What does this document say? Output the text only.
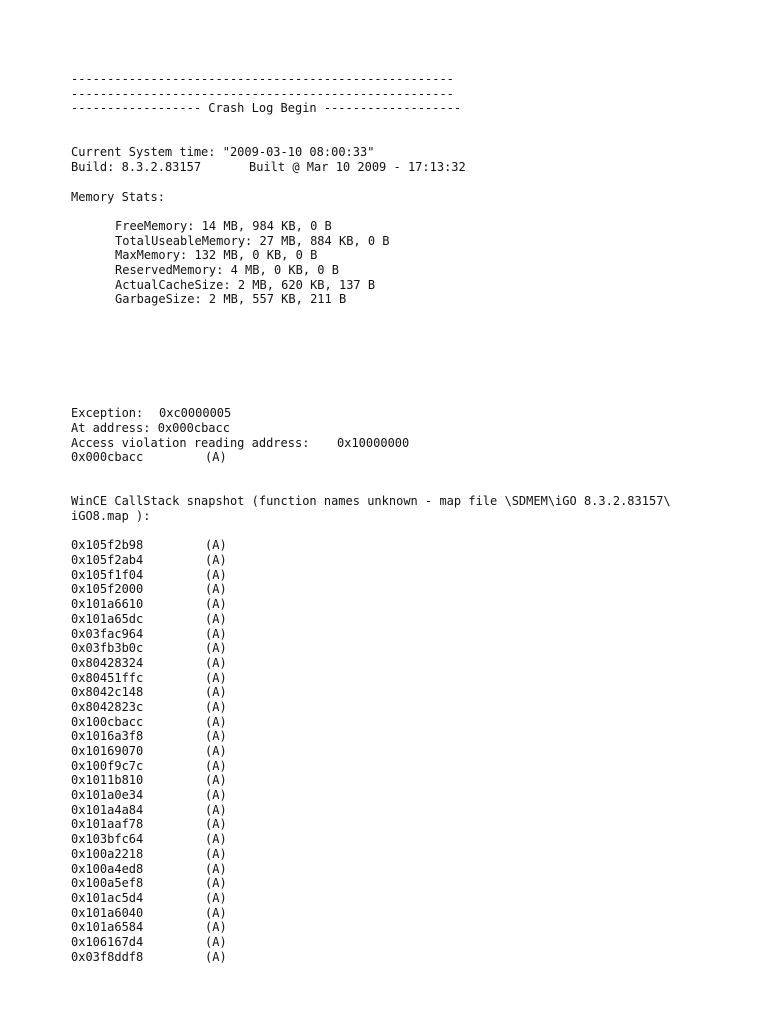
-----------------------------------------------------
-----------------------------------------------------
------------------ Crash Log Begin -------------------
Current System time:
"2009-03-10 08:00:33"
Build: 8.3.2.83157	Built @ Mar 10 2009 - 17:13:32
Memory Stats:
FreeMemory: 14 MB, 984 KB, 0 B
TotalUseableMemory: 27 MB, 884 KB, 0 B
MaxMemory: 132 MB, 0 KB, 0 B
ReservedMemory: 4 MB, 0 KB, 0 B
ActualCacheSize: 2 MB, 620 KB, 137 B
GarbageSize: 2 MB, 557 KB, 211 B
Exception:	0xc0000005
At address:
0x000cbacc
Access violation reading address:	0x10000000
0x000cbacc	(A)
WinCE CallStack snapshot (function names unknown - map file \SDMEM\iGO 8.3.2.83157\
iGO8.map ):
0x105f2b98	(A)
0x105f2ab4	(A)
0x105f1f04	(A)
0x105f2000	(A)
0x101a6610	(A)
0x101a65dc	(A)
0x03fac964	(A)
0x03fb3b0c	(A)
0x80428324	(A)
0x80451ffc	(A)
0x8042c148	(A)
0x8042823c	(A)
0x100cbacc	(A)
0x1016a3f8	(A)
0x10169070	(A)
0x100f9c7c	(A)
0x1011b810	(A)
0x101a0e34	(A)
0x101a4a84	(A)
0x101aaf78	(A)
0x103bfc64	(A)
0x100a2218	(A)
0x100a4ed8	(A)
0x100a5ef8	(A)
0x101ac5d4	(A)
0x101a6040	(A)
0x101a6584	(A)
0x106167d4	(A)
0x03f8ddf8	(A)
